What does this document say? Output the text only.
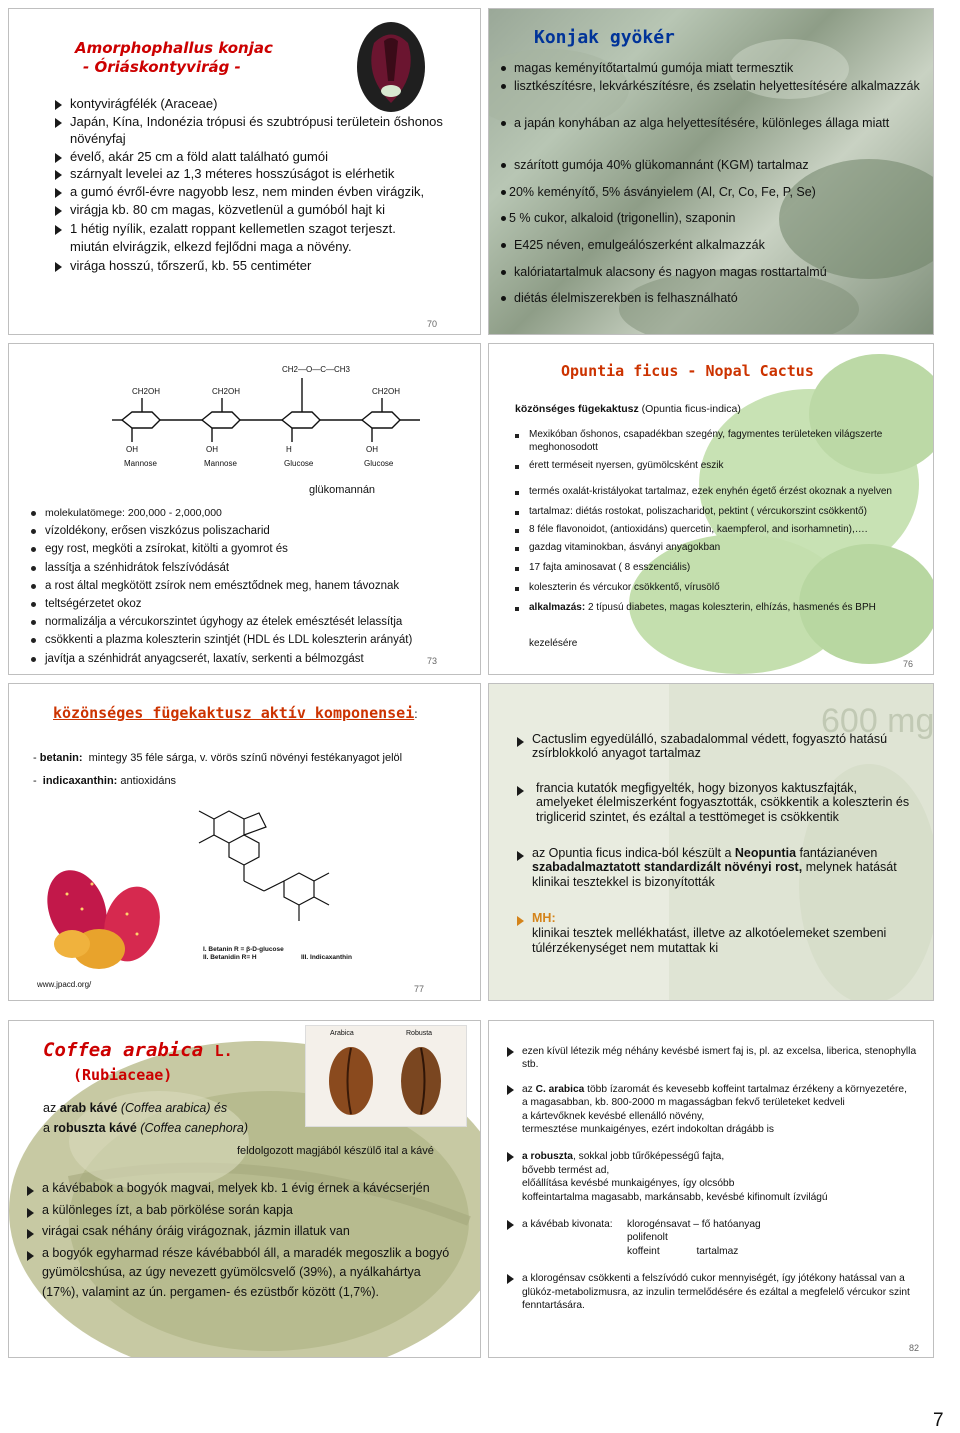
Amorphophallus konjac
- Óriáskontyvirág -
kontyvirágfélék (Araceae)
Japán, Kína, Indonézia trópusi és szubtrópusi területein őshonos növényfaj
évelő, akár 25 cm a föld alatt található gumói
szárnyalt levelei az 1,3 méteres hosszúságot is elérhetik
a gumó évről-évre nagyobb lesz, nem minden évben virágzik,
virágja kb. 80 cm magas, közvetlenül a gumóból hajt ki
1 hétig nyílik, ezalatt roppant kellemetlen szagot terjeszt.
miután elvirágzik, elkezd fejlődni maga a növény.
virága hosszú, tőrszerű, kb. 55 centiméter
70
Konjak gyökér
magas keményítőtartalmú gumója miatt termesztik
lisztkészítésre, lekvárkészítésre, és zselatin helyettesítésére alkalmazzák
a japán konyhában az alga helyettesítésére, különleges állaga miatt
szárított gumója 40% glükomannánt (KGM) tartalmaz
20% keményítő, 5% ásványielem (Al, Cr, Co, Fe, P, Se)
5 % cukor, alkaloid (trigonellin), szaponin
E425 néven, emulgeálószerként alkalmazzák
kalóriatartalmuk alacsony és nagyon magas rosttartalmú
diétás élelmiszerekben is felhasználható
CH2OH	CH2OH	CH2OH
CH2—O—C—CH3
OH	OH	H	OH
Mannose	Mannose	Glucose	Glucose
glükomannán
molekulatömege: 200,000 - 2,000,000
vízoldékony, erősen viszkózus poliszacharid
egy rost, megköti a zsírokat, kitölti a gyomrot és
lassítja a szénhidrátok felszívódását
a rost által megkötött zsírok nem emésztődnek meg, hanem távoznak
teltségérzetet okoz
normalizálja a vércukorszintet úgyhogy az ételek emésztését lelassítja
csökkenti a plazma koleszterin szintjét (HDL és LDL koleszterin arányát)
javítja a szénhidrát anyagcserét, laxatív, serkenti a bélmozgást	73
Opuntia ficus - Nopal Cactus
közönséges fügekaktusz (Opuntia ficus-indica)
Mexikóban őshonos, csapadékban szegény, fagymentes területeken világszerte meghonosodott
érett terméseit nyersen, gyümölcsként eszik
termés oxalát-kristályokat tartalmaz, ezek enyhén égető érzést okoznak a nyelven
tartalmaz: diétás rostokat, poliszacharidot, pektint ( vércukorszint csökkentő)
8 féle flavonoidot, (antioxidáns) quercetin, kaempferol, and isorhamnetin),….
gazdag vitaminokban, ásványi anyagokban
17 fajta aminosavat ( 8 esszenciális)
koleszterin és vércukor csökkentő, vírusölő
alkalmazás: 2 típusú diabetes, magas koleszterin, elhízás, hasmenés és BPH
kezelésére
76
közönséges fügekaktusz aktív komponensei:
- betanin: mintegy 35 féle sárga, v. vörös színű növényi festékanyagot jelöl
-  indicaxanthin: antioxidáns
I. Betanin R = β-D-glucose
II. Betanidin R= H	III. Indicaxanthin
www.jpacd.org/	77
600 mg
Cactuslim egyedülálló, szabadalommal védett, fogyasztó hatású zsírblokkoló anyagot tartalmaz
francia kutatók megfigyelték, hogy bizonyos kaktuszfajták, amelyeket élelmiszerként fogyasztották, csökkentik a koleszterin és triglicerid szintet, és ezáltal a testtömeget is csökkentik
az Opuntia ficus indica-ból készült a Neopuntia fantázianéven szabadalmaztatott standardizált növényi rost, melynek hatását klinikai tesztekkel is bizonyították
MH:
klinikai tesztek mellékhatást, illetve az alkotóelemeket szembeni túlérzékenységet nem mutattak ki
Coffea arabica L.
(Rubiaceae)
Arabica	Robusta
az arab kávé (Coffea arabica) és
a robuszta kávé (Coffea canephora)
feldolgozott magjából készülő ital a kávé
a kávébabok a bogyók magvai, melyek kb. 1 évig érnek a kávécserjén
a különleges ízt, a bab pörkölése során kapja
virágai csak néhány óráig virágoznak, jázmin illatuk van
a bogyók egyharmad része kávébabból áll, a maradék megoszlik a bogyó gyümölcshúsa, az úgy nevezett gyümölcsvelő (39%), a nyálkahártya (17%), valamint az ún. pergamen- és ezüstbőr között (1,7%).
ezen kívül létezik még néhány kevésbé ismert faj is, pl. az excelsa, liberica, stenophylla stb.
az C. arabica több ízaromát és kevesebb koffeint tartalmaz érzékeny a környezetére,
a magasabban, kb. 800-2000 m magasságban fekvő területeket kedveli
a kártevőknek kevésbé ellenálló növény,
termesztése munkaigényes, ezért indokoltan drágább is
a robuszta, sokkal jobb tűrőképességű fajta,
bővebb termést ad,
előállítása kevésbé munkaigényes, így olcsóbb
koffeintartalma magasabb, markánsabb, kevésbé kifinomult ízvilágú
a kávébab kivonata:	klorogénsavat – fő hatóanyag
polifenolt
koffeint	tartalmaz
a klorogénsav csökkenti a felszívódó cukor mennyiségét, így jótékony hatással van a glükóz-metabolizmusra, az inzulin termelődésére és ezáltal a megfelelő vércukor szint fenntartására.
82
7
